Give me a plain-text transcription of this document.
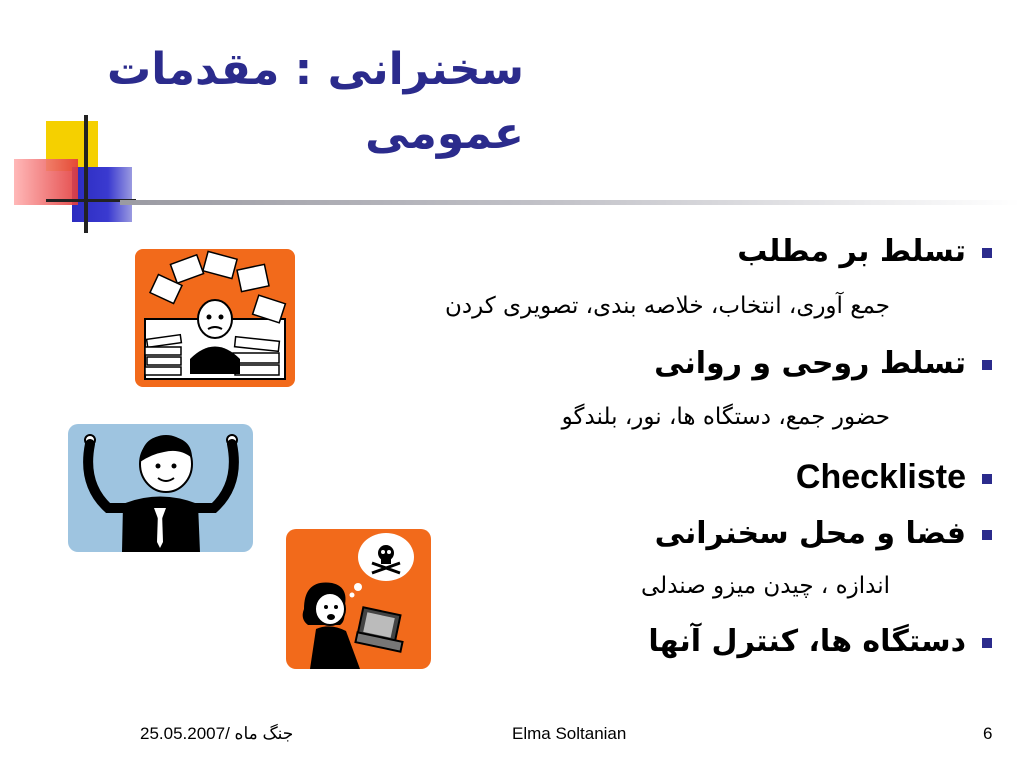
سخنرانی : مقدمات
عمومی
تسلط بر مطلب
جمع آوری، انتخاب، خلاصه بندی، تصویری کردن
تسلط روحی و روانی
حضور جمع، دستگاه ها، نور، بلندگو
Checkliste
فضا و محل سخنرانی
اندازه ، چیدن میزو صندلی
دستگاه ها، کنترل آنها
جنگ ماه /25.05.2007	Elma Soltanian	6
